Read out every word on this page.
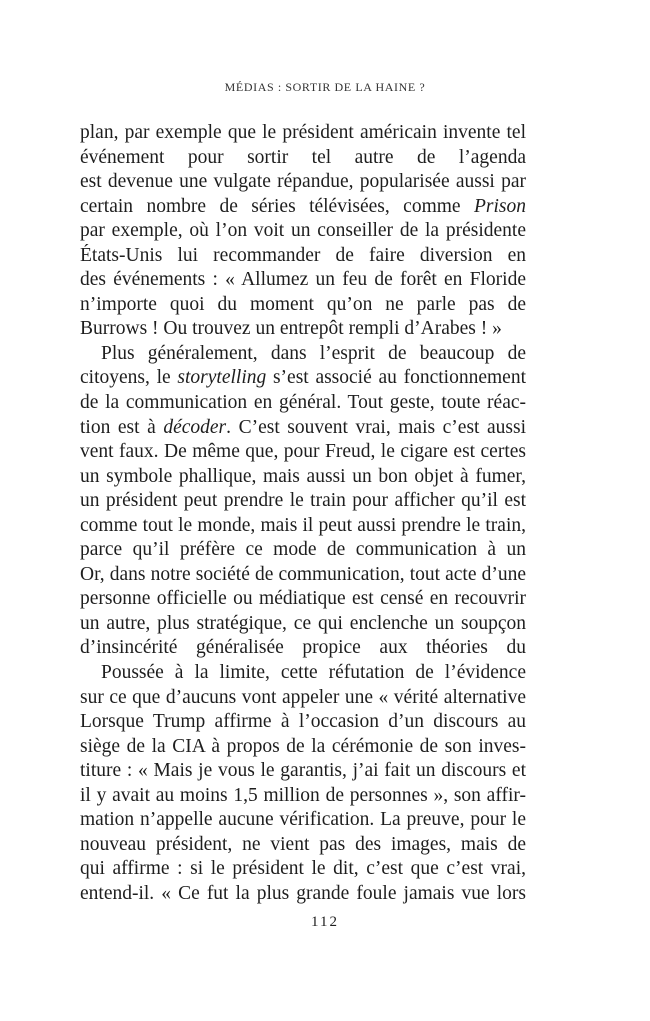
MÉDIAS : SORTIR DE LA HAINE ?

plan, par exemple que le président américain invente tel
événement pour sortir tel autre de l’agenda
est devenue une vulgate répandue, popularisée aussi par
certain nombre de séries télévisées, comme Prison
par exemple, où l’on voit un conseiller de la présidente
États-Unis lui recommander de faire diversion en
des événements : « Allumez un feu de forêt en Floride
n’importe quoi du moment qu’on ne parle pas de
Burrows ! Ou trouvez un entrepôt rempli d’Arabes ! »

Plus généralement, dans l’esprit de beaucoup de
citoyens, le storytelling s’est associé au fonctionnement
de la communication en général. Tout geste, toute réac-
tion est à décoder. C’est souvent vrai, mais c’est aussi
vent faux. De même que, pour Freud, le cigare est certes
un symbole phallique, mais aussi un bon objet à fumer,
un président peut prendre le train pour afficher qu’il est
comme tout le monde, mais il peut aussi prendre le train,
parce qu’il préfère ce mode de communication à un
Or, dans notre société de communication, tout acte d’une
personne officielle ou médiatique est censé en recouvrir
un autre, plus stratégique, ce qui enclenche un soupçon
d’insincérité généralisée propice aux théories du

Poussée à la limite, cette réfutation de l’évidence
sur ce que d’aucuns vont appeler une « vérité alternative
Lorsque Trump affirme à l’occasion d’un discours au
siège de la CIA à propos de la cérémonie de son inves-
titure : « Mais je vous le garantis, j’ai fait un discours et
il y avait au moins 1,5 million de personnes », son affir-
mation n’appelle aucune vérification. La preuve, pour le
nouveau président, ne vient pas des images, mais de
qui affirme : si le président le dit, c’est que c’est vrai,
entend-il. « Ce fut la plus grande foule jamais vue lors

112
